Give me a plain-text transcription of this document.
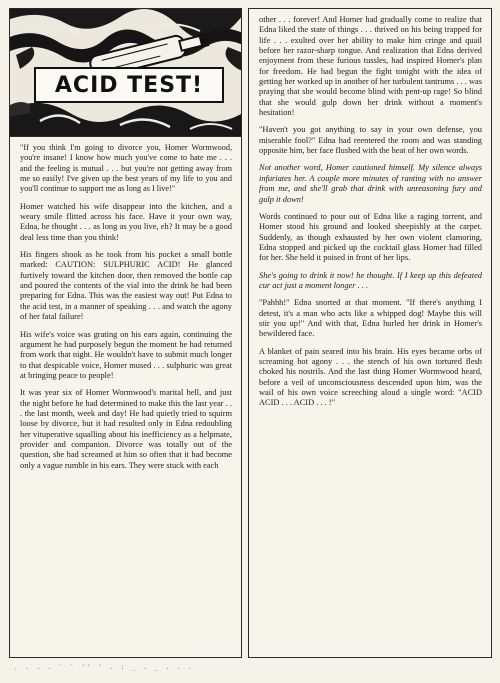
ACID TEST!

"If you think I'm going to divorce you, Homer Wormwood, you're insane! I know how much you've come to hate me . . . and the feeling is mutual . . . but you're not getting away from me so easily! I've given up the best years of my life to you and you'll continue to support me as long as I live!"

Homer watched his wife disappear into the kitchen, and a weary smile flitted across his face. Have it your own way, Edna, he thought . . . as long as you live, eh? It may be a good deal less time than you think!

His fingers shook as he took from his pocket a small bottle marked: CAUTION: SULPHURIC ACID! He glanced furtively toward the kitchen door, then removed the bottle cap and poured the contents of the vial into the drink he had been preparing for Edna. This was the easiest way out! Put Edna to the acid test, in a manner of speaking . . . and watch the agony of her fatal failure!

His wife's voice was grating on his ears again, continuing the argument he had purposely begun the moment he had returned from work that night. He wouldn't have to submit much longer to that despicable voice, Homer mused . . . sulphuric was great at bringing peace to people!

It was year six of Homer Wormwood's marital hell, and just the night before he had determined to make this the last year . . . the last month, week and day! He had quietly tried to squirm loose by divorce, but it had resulted only in Edna redoubling her vituperative squalling about his inefficiency as a helpmate, provider and companion. Divorce was totally out of the question, she had screamed at him so often that it had become only a vague rumble in his ears. They were stuck with each

other . . . forever! And Homer had gradually come to realize that Edna liked the state of things . . . thrived on his being trapped for life . . . exulted over her ability to make him cringe and quail before her razor-sharp tongue. And realization that Edna derived enjoyment from these furious tussles, had inspired Homer's plan for freedom. He had begun the fight tonight with the idea of getting her worked up in another of her turbulent tantrums . . . was praying that she would become blind with pent-up rage! So blind that she would gulp down her drink without a moment's hesitation!

"Haven't you got anything to say in your own defense, you miserable fool?" Edna had reentered the room and was standing opposite him, her face flushed with the heat of her own words.

Not another word, Homer cautioned himself. My silence always infuriates her. A couple more minutes of ranting with no answer from me, and she'll grab that drink with unreasoning fury and gulp it down!

Words continued to pour out of Edna like a raging torrent, and Homer stood his ground and looked sheepishly at the carpet. Suddenly, as though exhausted by her own violent clamoring, Edna stopped and picked up the cocktail glass Homer had filled for her. She held it poised in front of her lips.

She's going to drink it now! he thought. If I keep up this defeated cur act just a moment longer . . .

"Pahhh!" Edna snorted at that moment. "If there's anything I detest, it's a man who acts like a whipped dog! Maybe this will stir you up!" And with that, Edna hurled her drink in Homer's bewildered face.

A blanket of pain seared into his brain. His eyes became orbs of screaming hot agony . . . the stench of his own tortured flesh choked his nostrils. And the last thing Homer Wormwood heard, before a veil of unconsciousness descended upon him, was the wail of his own voice screeching aloud a single word: "ACID ACID . . . ACID . . . !"

. . . . ` ` '' ' . : _ . _ . . .
